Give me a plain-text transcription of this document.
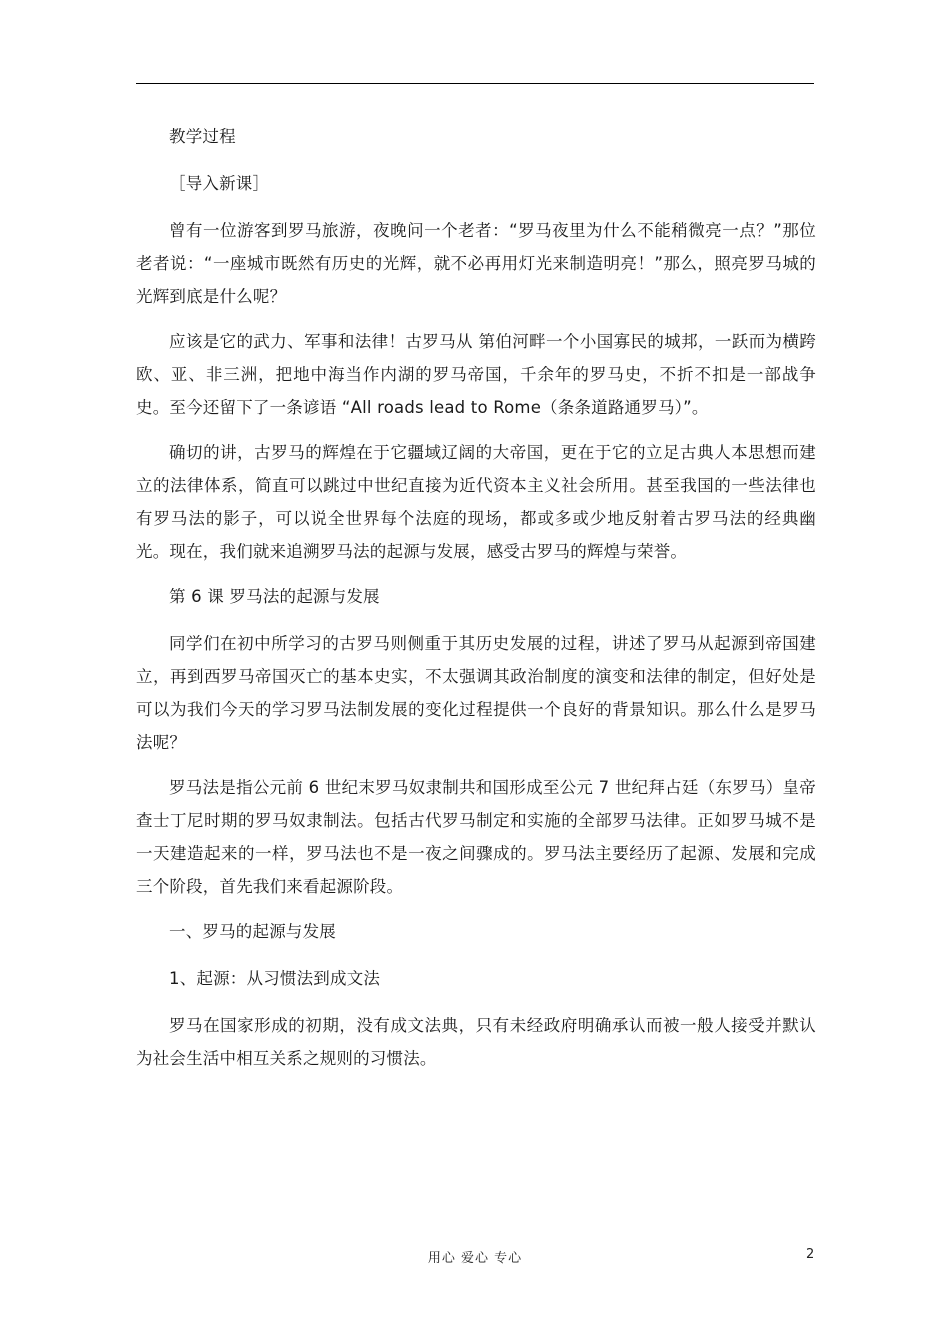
教学过程

［导入新课］

曾有一位游客到罗马旅游，夜晚问一个老者：“罗马夜里为什么不能稍微亮一点？”那位老者说：“一座城市既然有历史的光辉，就不必再用灯光来制造明亮！”那么，照亮罗马城的光辉到底是什么呢？

应该是它的武力、军事和法律！古罗马从 第伯河畔一个小国寡民的城邦，一跃而为横跨欧、亚、非三洲，把地中海当作内湖的罗马帝国，千余年的罗马史，不折不扣是一部战争史。至今还留下了一条谚语 “All roads lead to Rome（条条道路通罗马）”。

确切的讲，古罗马的辉煌在于它疆域辽阔的大帝国，更在于它的立足古典人本思想而建立的法律体系，简直可以跳过中世纪直接为近代资本主义社会所用。甚至我国的一些法律也有罗马法的影子，可以说全世界每个法庭的现场，都或多或少地反射着古罗马法的经典幽光。现在，我们就来追溯罗马法的起源与发展，感受古罗马的辉煌与荣誉。

第 6 课 罗马法的起源与发展

同学们在初中所学习的古罗马则侧重于其历史发展的过程，讲述了罗马从起源到帝国建立，再到西罗马帝国灭亡的基本史实，不太强调其政治制度的演变和法律的制定，但好处是可以为我们今天的学习罗马法制发展的变化过程提供一个良好的背景知识。那么什么是罗马法呢？

罗马法是指公元前 6 世纪末罗马奴隶制共和国形成至公元 7 世纪拜占廷（东罗马）皇帝查士丁尼时期的罗马奴隶制法。包括古代罗马制定和实施的全部罗马法律。正如罗马城不是一天建造起来的一样，罗马法也不是一夜之间骤成的。罗马法主要经历了起源、发展和完成三个阶段，首先我们来看起源阶段。

一、罗马的起源与发展

1、起源：从习惯法到成文法

罗马在国家形成的初期，没有成文法典，只有未经政府明确承认而被一般人接受并默认为社会生活中相互关系之规则的习惯法。

用心 爱心 专心	2
